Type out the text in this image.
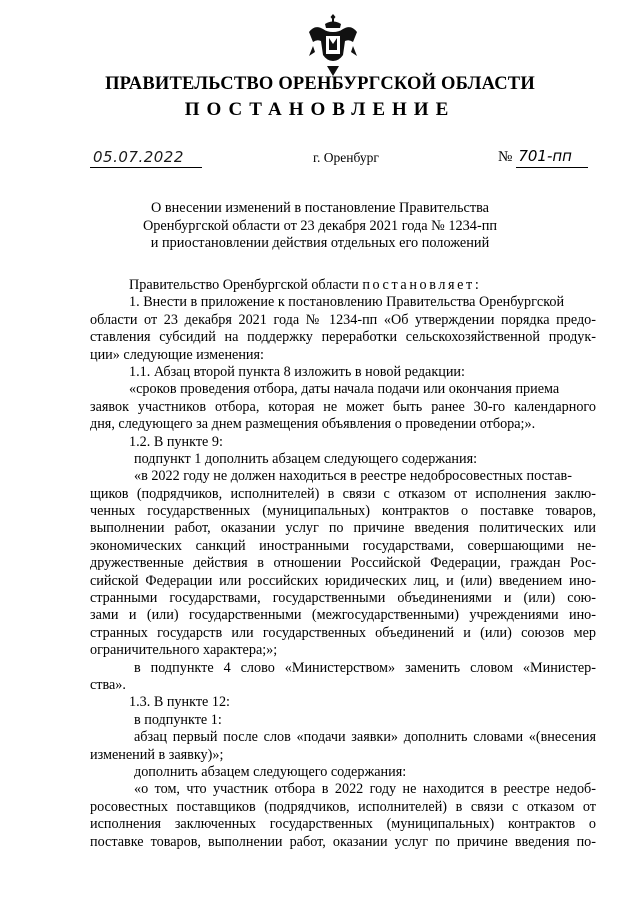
ПРАВИТЕЛЬСТВО ОРЕНБУРГСКОЙ ОБЛАСТИ
ПОСТАНОВЛЕНИЕ
05.07.2022	г. Оренбург	№ 701-пп
О внесении изменений в постановление Правительства
Оренбургской области от 23 декабря 2021 года № 1234-пп
и приостановлении действия отдельных его положений
Правительство Оренбургской области постановляет:
1. Внести в приложение к постановлению Правительства Оренбургской
области от 23 декабря 2021 года № 1234-пп «Об утверждении порядка предо-
ставления субсидий на поддержку переработки сельскохозяйственной продук-
ции» следующие изменения:
1.1. Абзац второй пункта 8 изложить в новой редакции:
«сроков проведения отбора, даты начала подачи или окончания приема
заявок участников отбора, которая не может быть ранее 30-го календарного
дня, следующего за днем размещения объявления о проведении отбора;».
1.2. В пункте 9:
подпункт 1 дополнить абзацем следующего содержания:
«в 2022 году не должен находиться в реестре недобросовестных постав-
щиков (подрядчиков, исполнителей) в связи с отказом от исполнения заклю-
ченных государственных (муниципальных) контрактов о поставке товаров,
выполнении работ, оказании услуг по причине введения политических или
экономических санкций иностранными государствами, совершающими не-
дружественные действия в отношении Российской Федерации, граждан Рос-
сийской Федерации или российских юридических лиц, и (или) введением ино-
странными государствами, государственными объединениями и (или) сою-
зами и (или) государственными (межгосударственными) учреждениями ино-
странных государств или государственных объединений и (или) союзов мер
ограничительного характера;»;
в подпункте 4 слово «Министерством» заменить словом «Министер-
ства».
1.3. В пункте 12:
в подпункте 1:
абзац первый после слов «подачи заявки» дополнить словами «(внесения
изменений в заявку)»;
дополнить абзацем следующего содержания:
«о том, что участник отбора в 2022 году не находится в реестре недоб-
росовестных поставщиков (подрядчиков, исполнителей) в связи с отказом от
исполнения заключенных государственных (муниципальных) контрактов о
поставке товаров, выполнении работ, оказании услуг по причине введения по-
